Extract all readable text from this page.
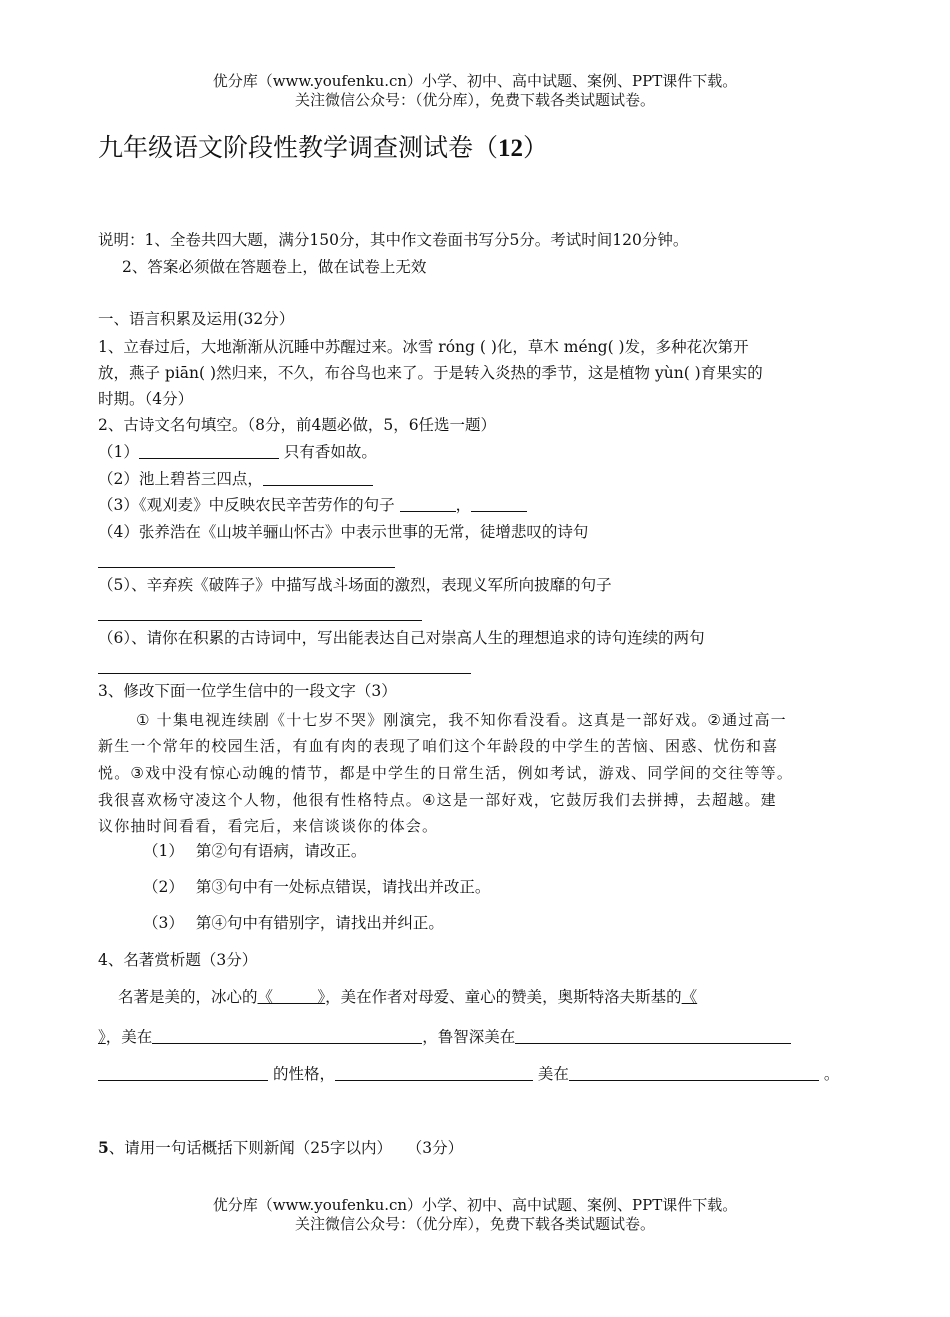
优分库（www.youfenku.cn）小学、初中、高中试题、案例、PPT课件下载。
关注微信公众号：（优分库），免费下载各类试题试卷。
九年级语文阶段性教学调查测试卷（12）
说明：1、全卷共四大题，满分150分，其中作文卷面书写分5分。考试时间120分钟。
2、答案必须做在答题卷上，做在试卷上无效
一、语言积累及运用(32分）
1、立春过后，大地渐渐从沉睡中苏醒过来。冰雪 róng ( )化，草木 méng( )发，多种花次第开
放，燕子 piān( )然归来，不久，布谷鸟也来了。于是转入炎热的季节，这是植物 yùn( )育果实的
时期。（4分）
2、古诗文名句填空。（8分，前4题必做，5，6任选一题）
（1）	只有香如故。
（2）池上碧苔三四点，
（3）《观刈麦》中反映农民辛苦劳作的句子	，
（4）张养浩在《山坡羊骊山怀古》中表示世事的无常，徒增悲叹的诗句
（5）、辛弃疾《破阵子》中描写战斗场面的激烈，表现义军所向披靡的句子
（6）、请你在积累的古诗词中，写出能表达自己对崇高人生的理想追求的诗句连续的两句
3、修改下面一位学生信中的一段文字（3）
① 十集电视连续剧《十七岁不哭》刚演完，我不知你看没看。这真是一部好戏。②通过高一
新生一个常年的校园生活，有血有肉的表现了咱们这个年龄段的中学生的苦恼、困惑、忧伤和喜
悦。③戏中没有惊心动魄的情节，都是中学生的日常生活，例如考试，游戏、同学间的交往等等。
我很喜欢杨守凌这个人物，他很有性格特点。④这是一部好戏，它鼓厉我们去拼搏，去超越。建
议你抽时间看看，看完后，来信谈谈你的体会。
（1） 第②句有语病，请改正。
（2） 第③句中有一处标点错误，请找出并改正。
（3） 第④句中有错别字，请找出并纠正。
4、名著赏析题（3分）
名著是美的，冰心的《         》，美在作者对母爱、童心的赞美，奥斯特洛夫斯基的《
》，美在	，鲁智深美在
的性格，	美在	。
5、请用一句话概括下则新闻（25字以内）   （3分）
优分库（www.youfenku.cn）小学、初中、高中试题、案例、PPT课件下载。
关注微信公众号：（优分库），免费下载各类试题试卷。
